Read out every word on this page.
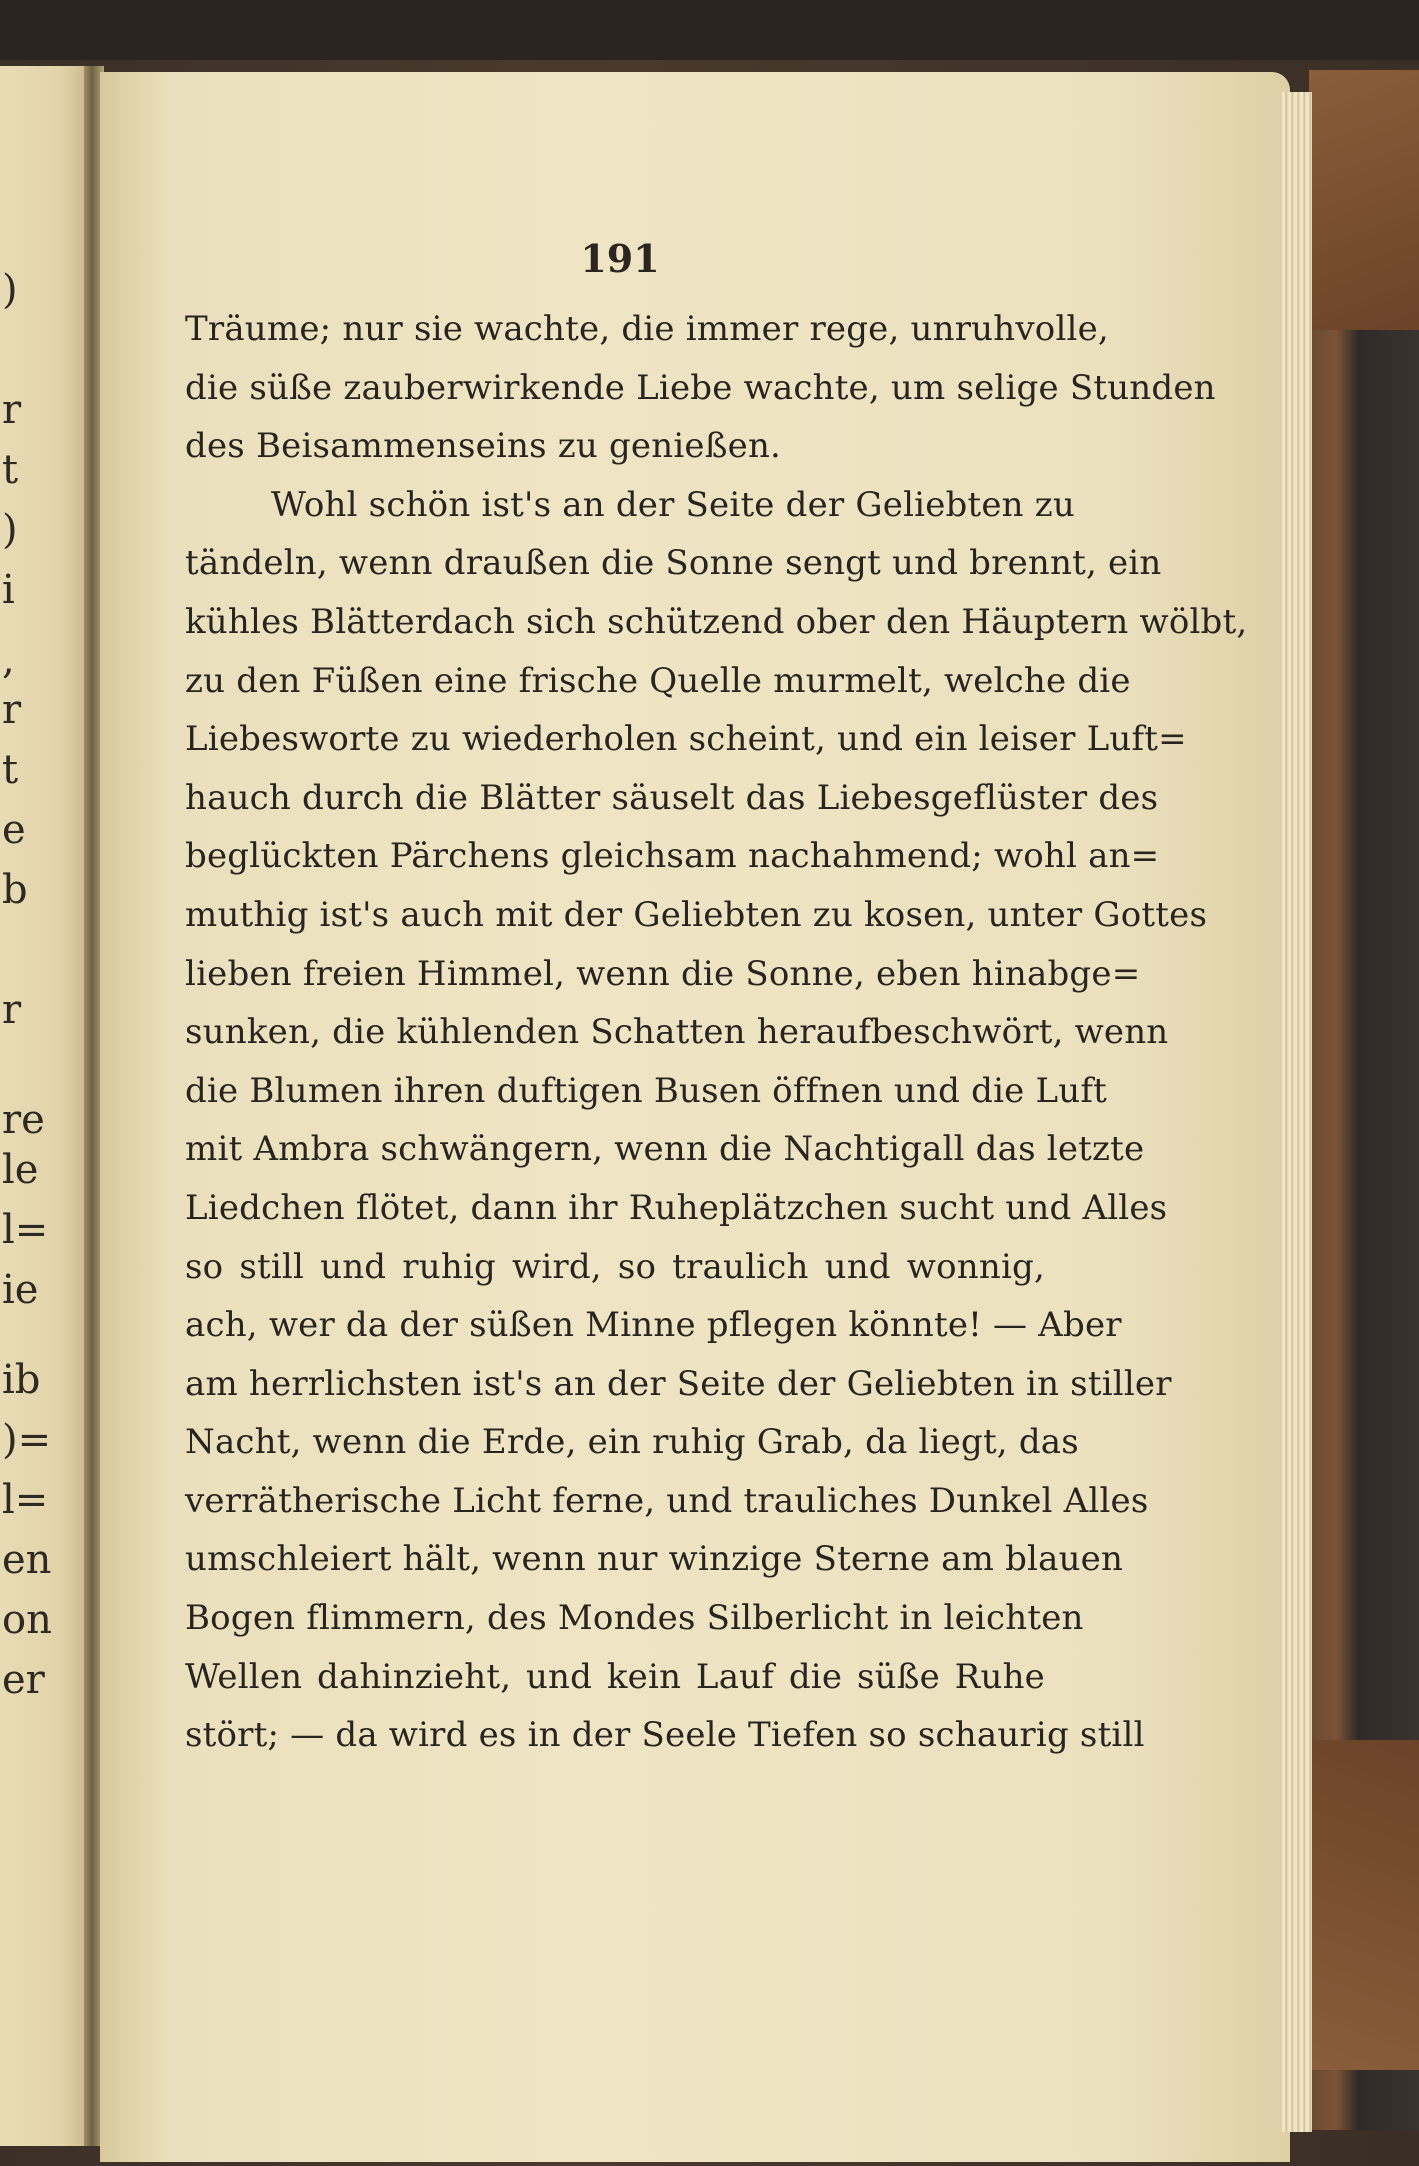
)
r
t
)
i
,
r
t
e
b
r
re
le
l=
ie
ib
)=
l=
en
on
er
191
Träume; nur sie wachte, die immer rege, unruhvolle,
die süße zauberwirkende Liebe wachte, um selige Stunden
des Beisammenseins zu genießen.
Wohl schön ist's an der Seite der Geliebten zu
tändeln, wenn draußen die Sonne sengt und brennt, ein
kühles Blätterdach sich schützend ober den Häuptern wölbt,
zu den Füßen eine frische Quelle murmelt, welche die
Liebesworte zu wiederholen scheint, und ein leiser Luft=
hauch durch die Blätter säuselt das Liebesgeflüster des
beglückten Pärchens gleichsam nachahmend; wohl an=
muthig ist's auch mit der Geliebten zu kosen, unter Gottes
lieben freien Himmel, wenn die Sonne, eben hinabge=
sunken, die kühlenden Schatten heraufbeschwört, wenn
die Blumen ihren duftigen Busen öffnen und die Luft
mit Ambra schwängern, wenn die Nachtigall das letzte
Liedchen flötet, dann ihr Ruheplätzchen sucht und Alles
so still und ruhig wird, so traulich und wonnig,
ach, wer da der süßen Minne pflegen könnte! — Aber
am herrlichsten ist's an der Seite der Geliebten in stiller
Nacht, wenn die Erde, ein ruhig Grab, da liegt, das
verrätherische Licht ferne, und trauliches Dunkel Alles
umschleiert hält, wenn nur winzige Sterne am blauen
Bogen flimmern, des Mondes Silberlicht in leichten
Wellen dahinzieht, und kein Lauf die süße Ruhe
stört; — da wird es in der Seele Tiefen so schaurig still
